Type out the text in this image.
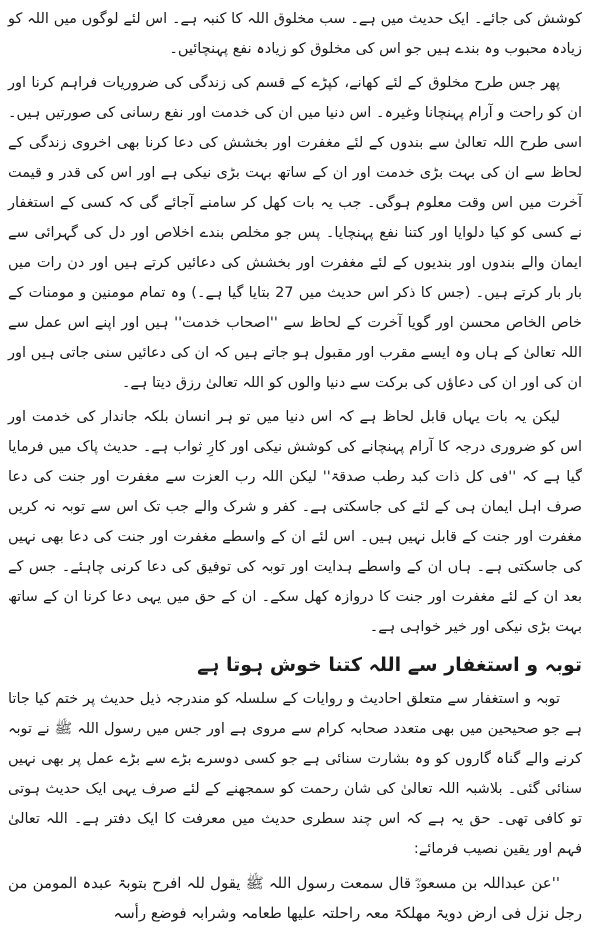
کوشش کی جائے۔ ایک حدیث میں ہے۔ سب مخلوق اللہ کا کنبہ ہے۔ اس لئے لوگوں میں اللہ کو زیادہ محبوب وہ بندے ہیں جو اس کی مخلوق کو زیادہ نفع پہنچائیں۔

پھر جس طرح مخلوق کے لئے کھانے، کپڑے کے قسم کی زندگی کی ضروریات فراہم کرنا اور ان کو راحت و آرام پہنچانا وغیرہ۔ اس دنیا میں ان کی خدمت اور نفع رسانی کی صورتیں ہیں۔ اسی طرح اللہ تعالیٰ سے بندوں کے لئے مغفرت اور بخشش کی دعا کرنا بھی اخروی زندگی کے لحاظ سے ان کی بہت بڑی خدمت اور ان کے ساتھ بہت بڑی نیکی ہے اور اس کی قدر و قیمت آخرت میں اس وقت معلوم ہوگی۔ جب یہ بات کھل کر سامنے آجائے گی کہ کسی کے استغفار نے کسی کو کیا دلوایا اور کتنا نفع پہنچایا۔ پس جو مخلص بندے اخلاص اور دل کی گہرائی سے ایمان والے بندوں اور بندیوں کے لئے مغفرت اور بخشش کی دعائیں کرتے ہیں اور دن رات میں بار بار کرتے ہیں۔ (جس کا ذکر اس حدیث میں 27 بتایا گیا ہے۔) وہ تمام مومنین و مومنات کے خاص الخاص محسن اور گویا آخرت کے لحاظ سے ''اصحاب خدمت'' ہیں اور اپنے اس عمل سے اللہ تعالیٰ کے ہاں وہ ایسے مقرب اور مقبول ہو جاتے ہیں کہ ان کی دعائیں سنی جاتی ہیں اور ان کی اور ان کی دعاؤں کی برکت سے دنیا والوں کو اللہ تعالیٰ رزق دیتا ہے۔

لیکن یہ بات یہاں قابل لحاظ ہے کہ اس دنیا میں تو ہر انسان بلکہ جاندار کی خدمت اور اس کو ضروری درجہ کا آرام پہنچانے کی کوشش نیکی اور کارِ ثواب ہے۔ حدیث پاک میں فرمایا گیا ہے کہ ''فی کل ذات کبد رطب صدقۃ'' لیکن اللہ رب العزت سے مغفرت اور جنت کی دعا صرف اہل ایمان ہی کے لئے کی جاسکتی ہے۔ کفر و شرک والے جب تک اس سے توبہ نہ کریں مغفرت اور جنت کے قابل نہیں ہیں۔ اس لئے ان کے واسطے مغفرت اور جنت کی دعا بھی نہیں کی جاسکتی ہے۔ ہاں ان کے واسطے ہدایت اور توبہ کی توفیق کی دعا کرنی چاہئے۔ جس کے بعد ان کے لئے مغفرت اور جنت کا دروازہ کھل سکے۔ ان کے حق میں یہی دعا کرنا ان کے ساتھ بہت بڑی نیکی اور خیر خواہی ہے۔

توبہ و استغفار سے اللہ کتنا خوش ہوتا ہے

توبہ و استغفار سے متعلق احادیث و روایات کے سلسلہ کو مندرجہ ذیل حدیث پر ختم کیا جاتا ہے جو صحیحین میں بھی متعدد صحابہ کرام سے مروی ہے اور جس میں رسول اللہ ﷺ نے توبہ کرنے والے گناہ گاروں کو وہ بشارت سنائی ہے جو کسی دوسرے بڑے سے بڑے عمل پر بھی نہیں سنائی گئی۔ بلاشبہ اللہ تعالیٰ کی شان رحمت کو سمجھنے کے لئے صرف یہی ایک حدیث ہوتی تو کافی تھی۔ حق یہ ہے کہ اس چند سطری حدیث میں معرفت کا ایک دفتر ہے۔ اللہ تعالیٰ فہم اور یقین نصیب فرمائے:

''عن عبداللہ بن مسعودؓ قال سمعت رسول اللہ ﷺ یقول للہ افرح بتوبۃ عبدہ المومن من رجل نزل فی ارض دویۃ مھلکۃ معہ راحلتہ علیھا طعامہ وشرابہ فوضع رأسہ
